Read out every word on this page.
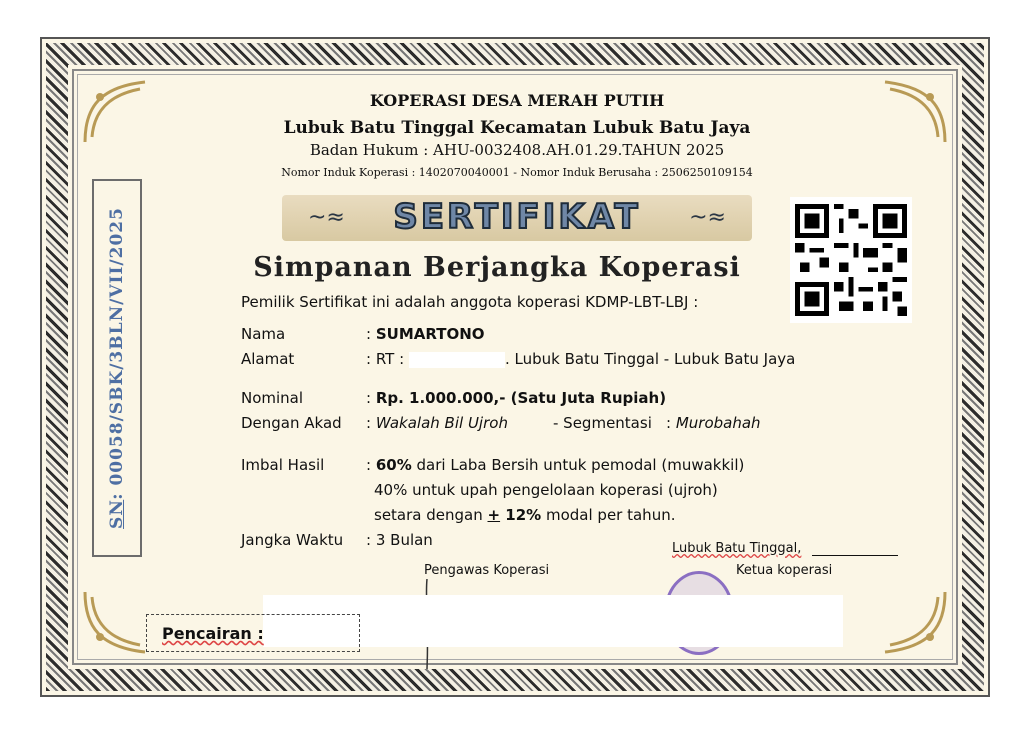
KOPERASI DESA MERAH PUTIH
Lubuk Batu Tinggal Kecamatan Lubuk Batu Jaya
Badan Hukum : AHU-0032408.AH.01.29.TAHUN 2025
Nomor Induk Koperasi : 1402070040001 - Nomor Induk Berusaha : 2506250109154
~≈	SERTIFIKAT	~≈
Simpanan Berjangka Koperasi
SN: 00058/SBK/3BLN/VII/2025	Pemilik Sertifikat ini adalah anggota koperasi KDMP-LBT-LBJ :
Nama	: SUMARTONO
Alamat	: RT :	. Lubuk Batu Tinggal - Lubuk Batu Jaya
Nominal	: Rp. 1.000.000,- (Satu Juta Rupiah)
Dengan Akad : Wakalah Bil Ujroh	- Segmentasi : Murobahah
Imbal Hasil	: 60% dari Laba Bersih untuk pemodal (muwakkil)
40% untuk upah pengelolaan koperasi (ujroh)
setara dengan + 12% modal per tahun.
Jangka Waktu : 3 Bulan	Lubuk Batu Tinggal,
Pengawas Koperasi	Ketua koperasi
Pencairan :
